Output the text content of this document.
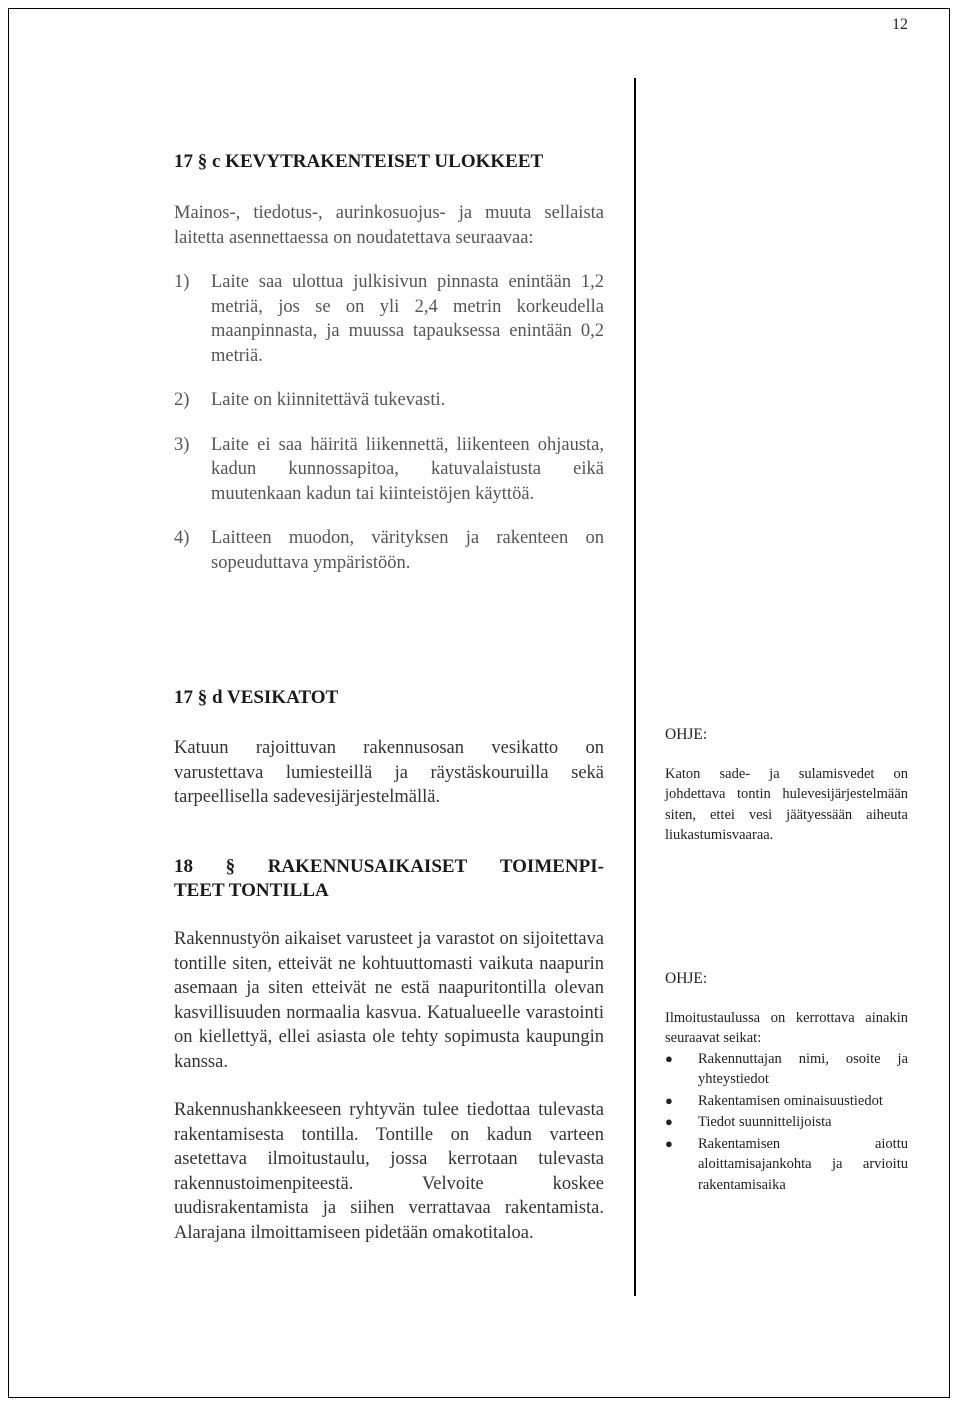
12

17 § c KEVYTRAKENTEISET ULOKKEET

Mainos-, tiedotus-, aurinkosuojus- ja muuta sellaista laitetta asennettaessa on noudatettava seuraavaa:

1)	Laite saa ulottua julkisivun pinnasta enintään 1,2 metriä, jos se on yli 2,4 metrin korkeudella maanpinnasta, ja muussa tapauksessa enintään 0,2 metriä.
2)	Laite on kiinnitettävä tukevasti.
3)	Laite ei saa häiritä liikennettä, liikenteen ohjausta, kadun kunnossapitoa, katuvalaistusta eikä muutenkaan kadun tai kiinteistöjen käyttöä.
4)	Laitteen muodon, värityksen ja rakenteen on sopeuduttava ympäristöön.

17 § d VESIKATOT

Katuun rajoittuvan rakennusosan vesikatto on varustettava lumiesteillä ja räystäskouruilla sekä tarpeellisella sadevesijärjestelmällä.

OHJE:

Katon sade- ja sulamisvedet on johdettava tontin hulevesijärjestelmään siten, ettei vesi jäätyessään aiheuta liukastumisvaaraa.

18 § RAKENNUSAIKAISET TOIMENPI-

TEET TONTILLA

Rakennustyön aikaiset varusteet ja varastot on sijoitettava tontille siten, etteivät ne kohtuuttomasti vaikuta naapurin asemaan ja siten etteivät ne estä naapuritontilla olevan kasvillisuuden normaalia kasvua. Katualueelle varastointi on kiellettyä, ellei asiasta ole tehty sopimusta kaupungin kanssa.

Rakennushankkeeseen ryhtyvän tulee tiedottaa tulevasta rakentamisesta tontilla. Tontille on kadun varteen asetettava ilmoitustaulu, jossa kerrotaan tulevasta rakennustoimenpiteestä. Velvoite koskee uudisrakentamista ja siihen verrattavaa rakentamista. Alarajana ilmoittamiseen pidetään omakotitaloa.

OHJE:

Ilmoitustaulussa on kerrottava ainakin seuraavat seikat:

●	Rakennuttajan nimi, osoite ja yhteystiedot
●	Rakentamisen ominaisuustiedot
●	Tiedot suunnittelijoista
●	Rakentamisen aiottu aloittamisajankohta ja arvioitu rakentamisaika
